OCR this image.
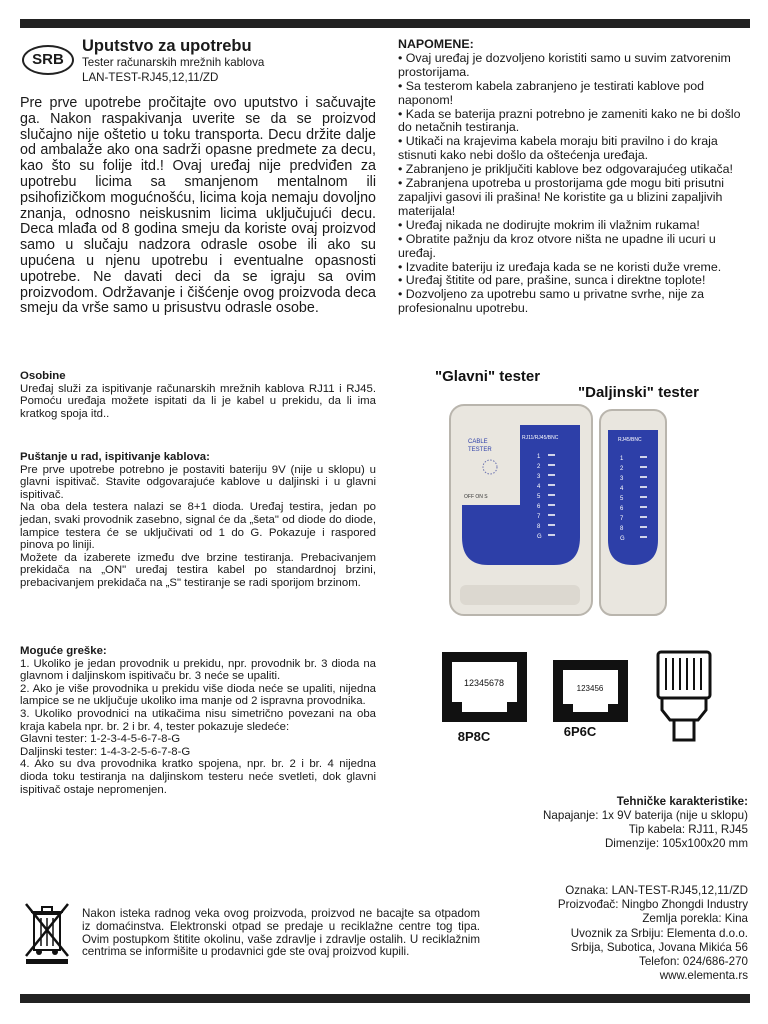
SRB
Uputstvo za upotrebu
Tester računarskih mrežnih kablova
LAN-TEST-RJ45,12,11/ZD

Pre prve upotrebe pročitajte ovo uputstvo i sačuvajte ga. Nakon raspakivanja uverite se da se proizvod slučajno nije oštetio u toku transporta. Decu držite dalje od ambalaže ako ona sadrži opasne predmete za decu, kao što su folije itd.! Ovaj uređaj nije predviđen za upotrebu licima sa smanjenom mentalnom ili psihofizičkom mogućnošću, licima koja nemaju dovoljno znanja, odnosno neiskusnim licima uključujući decu. Deca mlađa od 8 godina smeju da koriste ovaj proizvod samo u slučaju nadzora odrasle osobe ili ako su upućena u njenu upotrebu i eventualne opasnosti upotrebe. Ne davati deci da se igraju sa ovim proizvodom. Održavanje i čišćenje ovog proizvoda deca smeju da vrše samo u prisustvu odrasle osobe.

NAPOMENE:
• Ovaj uređaj je dozvoljeno koristiti samo u suvim zatvorenim prostorijama.
• Sa testerom kabela zabranjeno je testirati kablove pod naponom!
• Kada se baterija prazni potrebno je zameniti kako ne bi došlo do netačnih testiranja.
• Utikači na krajevima kabela moraju biti pravilno i do kraja stisnuti kako nebi došlo da oštećenja uređaja.
• Zabranjeno je priključiti kablove bez odgovarajućeg utikača!
• Zabranjena upotreba u prostorijama gde mogu biti prisutni zapaljivi gasovi ili prašina! Ne koristite ga u blizini zapaljivih materijala!
• Uređaj nikada ne dodirujte mokrim ili vlažnim rukama!
• Obratite pažnju da kroz otvore ništa ne upadne ili ucuri u uređaj.
• Izvadite bateriju iz uređaja kada se ne koristi duže vreme.
• Uređaj štitite od pare, prašine, sunca i direktne toplote!
• Dozvoljeno za upotrebu samo u privatne svrhe, nije za profesionalnu upotrebu.
Osobine

Uređaj služi za ispitivanje računarskih mrežnih kablova RJ11 i RJ45. Pomoću uređaja možete ispitati da li je kabel u prekidu, da li ima kratkog spoja itd..

Puštanje u rad, ispitivanje kablova:

Pre prve upotrebe potrebno je postaviti bateriju 9V (nije u sklopu) u glavni ispitivač. Stavite odgovarajuće kablove u daljinski i u glavni ispitivač.

Na oba dela testera nalazi se 8+1 dioda. Uređaj testira, jedan po jedan, svaki provodnik zasebno, signal će da „šeta" od diode do diode, lampice testera će se uključivati od 1 do G. Pokazuje i raspored pinova po liniji.

Možete da izaberete između dve brzine testiranja. Prebacivanjem prekidača na „ON" uređaj testira kabel po standardnoj brzini, prebacivanjem prekidača na „S" testiranje se radi sporijom brzinom.

Moguće greške:
1. Ukoliko je jedan provodnik u prekidu, npr. provodnik br. 3 dioda na glavnom i daljinskom ispitivaču br. 3 neće se upaliti.
2. Ako je više provodnika u prekidu više dioda neće se upaliti, nijedna lampice se ne uključuje ukoliko ima manje od 2 ispravna provodnika.
3. Ukoliko provodnici na utikačima nisu simetrično povezani na oba kraja kabela npr. br. 2 i br. 4, tester pokazuje sledeće:
Glavni tester: 1-2-3-4-5-6-7-8-G
Daljinski tester: 1-4-3-2-5-6-7-8-G
4. Ako su dva provodnika kratko spojena, npr. br. 2 i br. 4 nijedna dioda toku testiranja na daljinskom testeru neće svetleti, dok glavni ispitivač ostaje nepromenjen.
"Glavni" tester
"Daljinski" tester
CABLE
TESTER
RJ11/RJ45/BNC
OFF ON S
1
2
3
4
5
6
7
8
G
RJ45/BNC
1
2
3
4
5
6
7
8
G
12345678
8P8C
123456
6P6C
Tehničke karakteristike:
Napajanje: 1x 9V baterija (nije u sklopu)
Tip kabela: RJ11, RJ45
Dimenzije: 105x100x20 mm
Oznaka: LAN-TEST-RJ45,12,11/ZD
Proizvođač: Ningbo Zhongdi Industry
Zemlja porekla: Kina
Uvoznik za Srbiju: Elementa d.o.o.
Srbija, Subotica, Jovana Mikića 56
Telefon: 024/686-270
www.elementa.rs
Nakon isteka radnog veka ovog proizvoda, proizvod ne bacajte sa otpadom iz domaćinstva. Elektronski otpad se predaje u reciklažne centre tog tipa. Ovim postupkom štitite okolinu, vaše zdravlje i zdravlje ostalih. U reciklažnim centrima se informišite u prodavnici gde ste ovaj proizvod kupili.
